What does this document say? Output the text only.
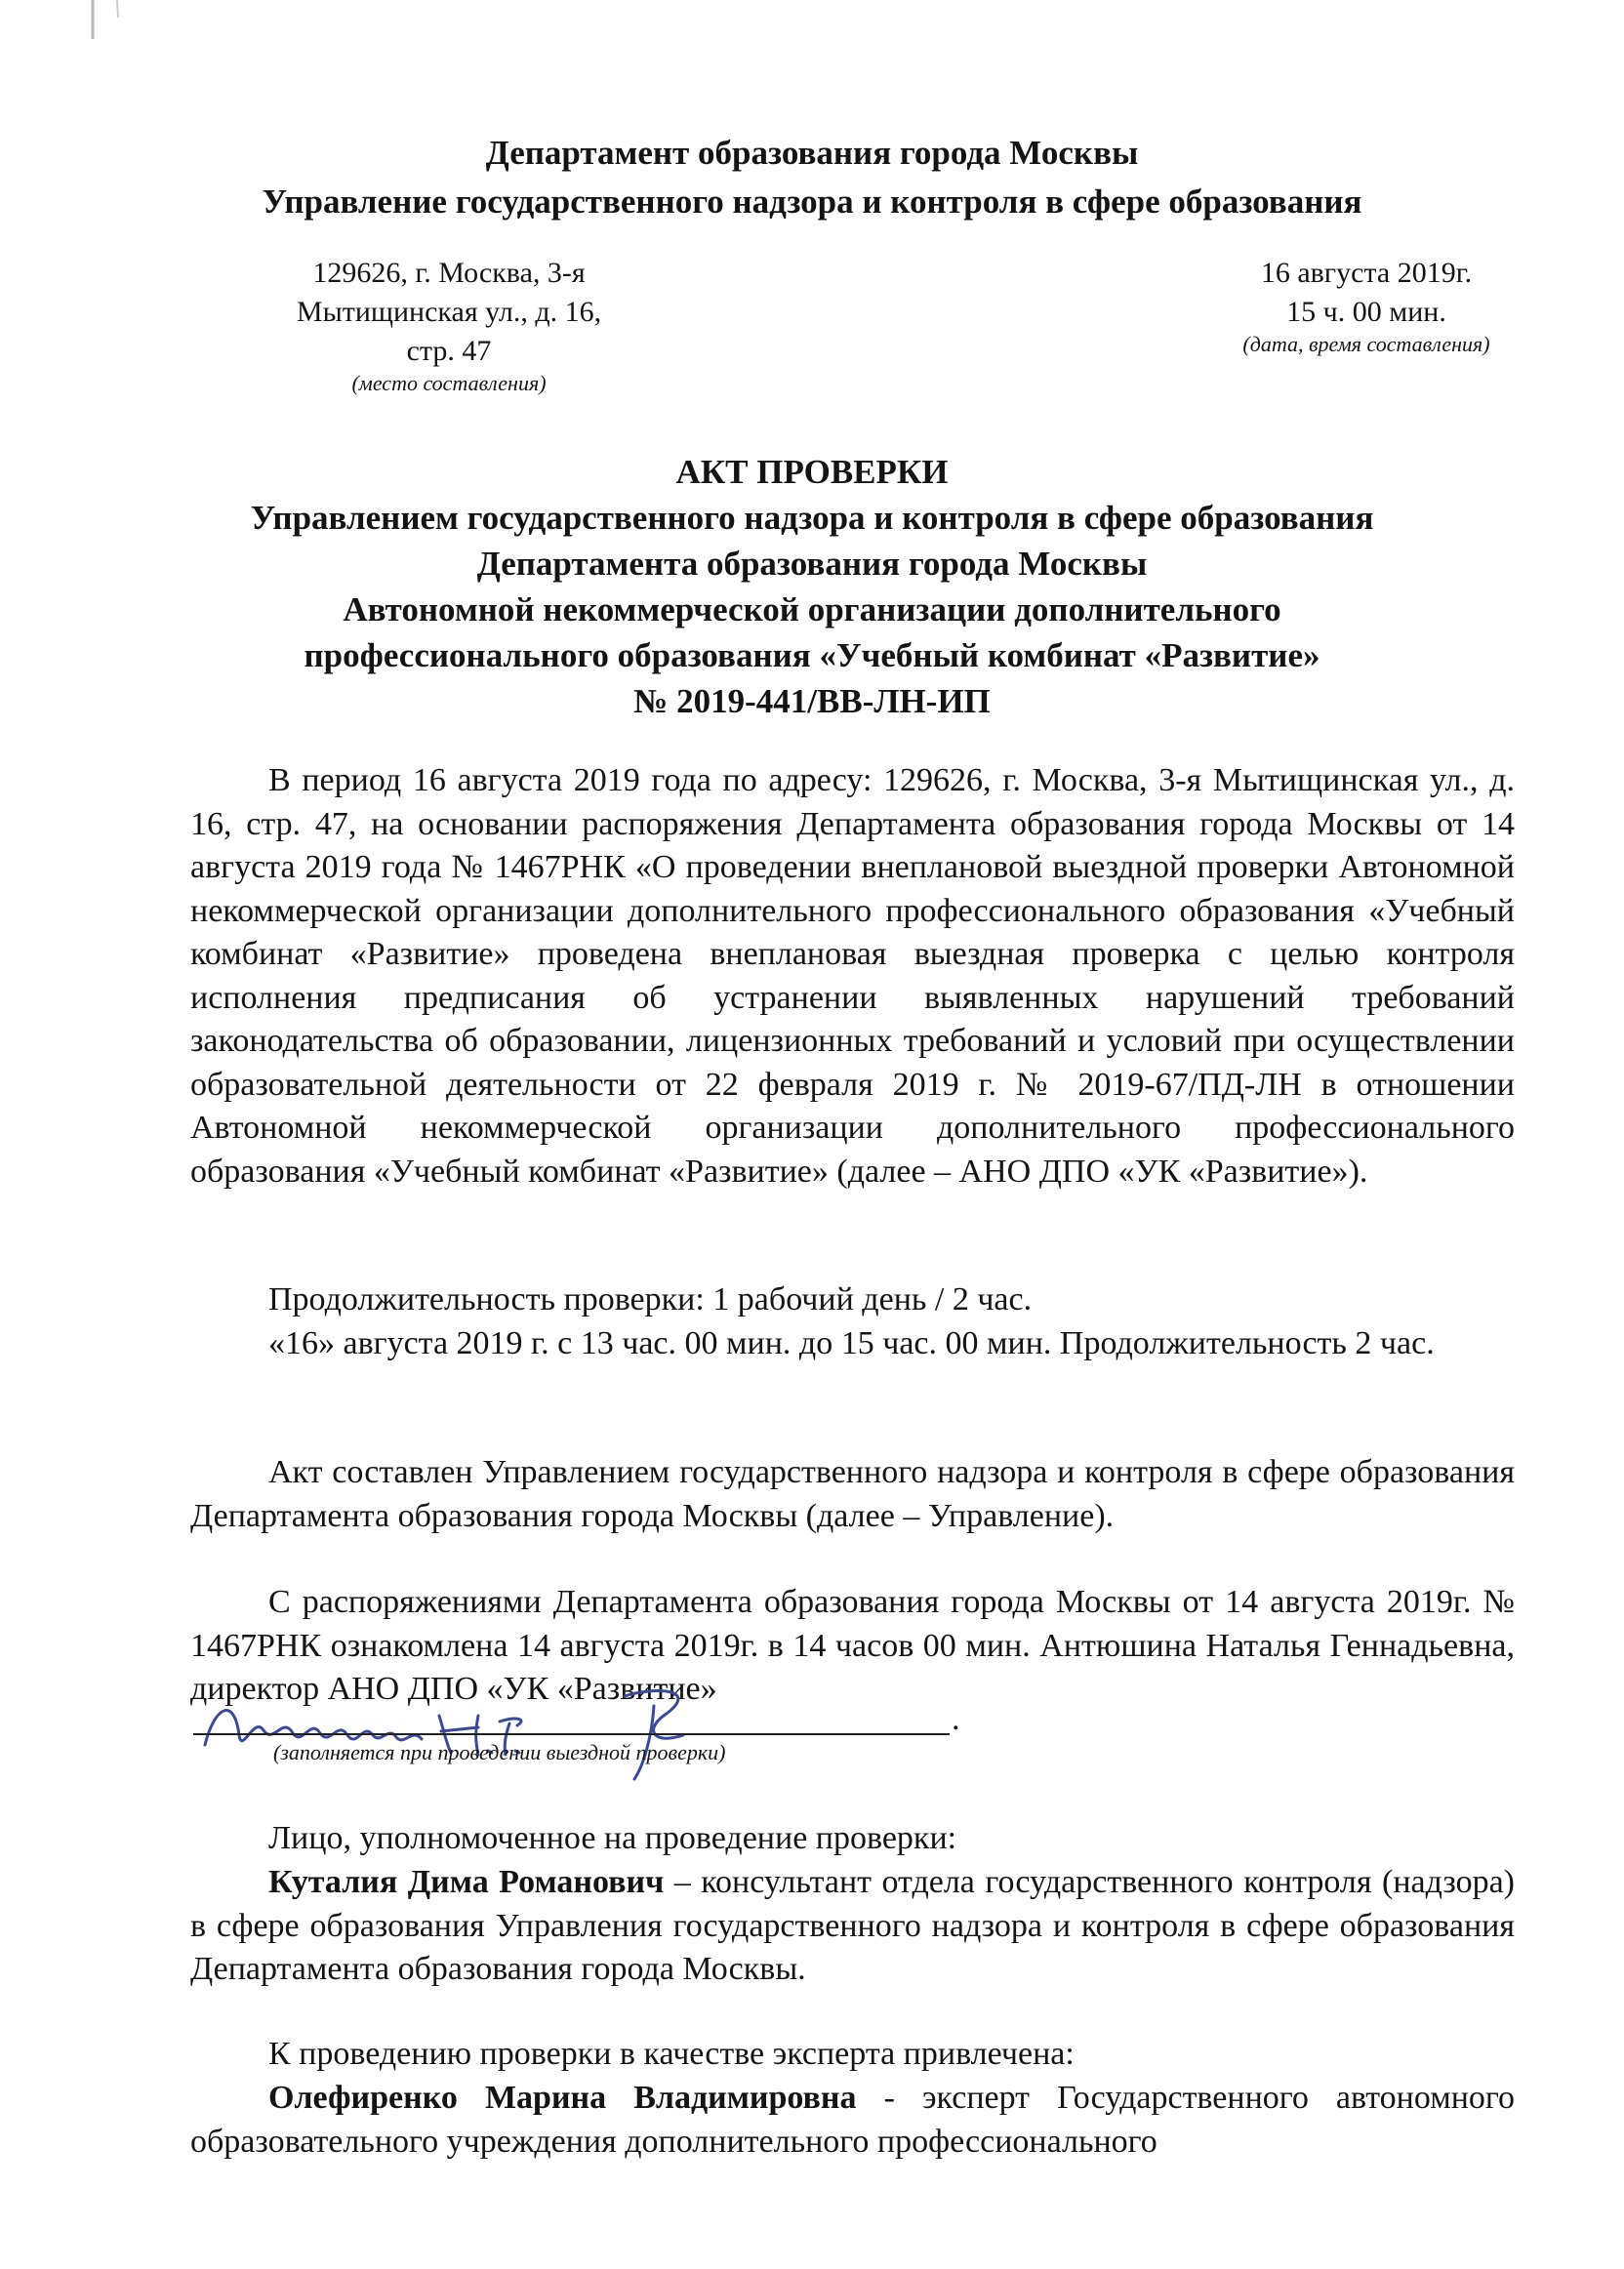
Департамент образования города Москвы
Управление государственного надзора и контроля в сфере образования
129626, г. Москва, 3-я
Мытищинская ул., д. 16,
стр. 47
(место составления)
16 августа 2019г.
15 ч. 00 мин.
(дата, время составления)
АКТ ПРОВЕРКИ
Управлением государственного надзора и контроля в сфере образования
Департамента образования города Москвы
Автономной некоммерческой организации дополнительного
профессионального образования «Учебный комбинат «Развитие»
№ 2019-441/ВВ-ЛН-ИП
В период 16 августа 2019 года по адресу: 129626, г. Москва, 3-я Мытищинская ул., д. 16, стр. 47, на основании распоряжения Департамента образования города Москвы от 14 августа 2019 года № 1467РНК «О проведении внеплановой выездной проверки Автономной некоммерческой организации дополнительного профессионального образования «Учебный комбинат «Развитие» проведена внеплановая выездная проверка с целью контроля исполнения предписания об устранении выявленных нарушений требований законодательства об образовании, лицензионных требований и условий при осуществлении образовательной деятельности от 22 февраля 2019 г. № 2019-67/ПД-ЛН в отношении Автономной некоммерческой организации дополнительного профессионального образования «Учебный комбинат «Развитие» (далее – АНО ДПО «УК «Развитие»).
Продолжительность проверки: 1 рабочий день / 2 час.
«16» августа 2019 г. с 13 час. 00 мин. до 15 час. 00 мин. Продолжительность 2 час.
Акт составлен Управлением государственного надзора и контроля в сфере образования Департамента образования города Москвы (далее – Управление).
С распоряжениями Департамента образования города Москвы от 14 августа 2019г. № 1467РНК ознакомлена 14 августа 2019г. в 14 часов 00 мин. Антюшина Наталья Геннадьевна, директор АНО ДПО «УК «Развитие»
.
(заполняется при проведении выездной проверки)
Лицо, уполномоченное на проведение проверки:
Куталия Дима Романович – консультант отдела государственного контроля (надзора) в сфере образования Управления государственного надзора и контроля в сфере образования Департамента образования города Москвы.
К проведению проверки в качестве эксперта привлечена:
Олефиренко Марина Владимировна - эксперт Государственного автономного образовательного учреждения дополнительного профессионального
